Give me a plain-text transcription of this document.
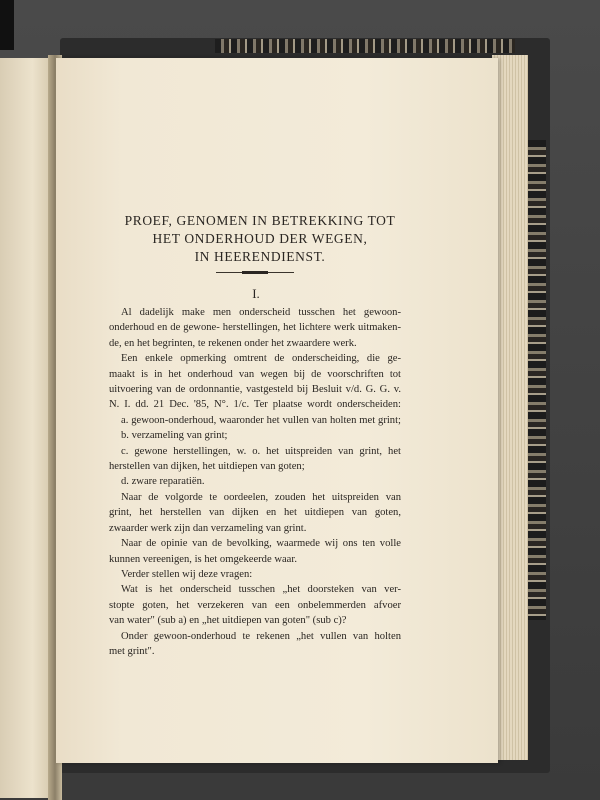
PROEF, GENOMEN IN BETREKKING TOT
HET ONDERHOUD DER WEGEN,
IN HEERENDIENST.
I.

Al dadelijk make men onderscheid tusschen het gewoon-

onderhoud en de gewone- herstellingen, het lichtere werk uitmaken-

de, en het begrinten, te rekenen onder het zwaardere werk.

Een enkele opmerking omtrent de onderscheiding, die ge-

maakt is in het onderhoud van wegen bij de voorschriften tot

uitvoering van de ordonnantie, vastgesteld bij Besluit v/d. G. G. v.

N. I. dd. 21 Dec. '85, N°. 1/c. Ter plaatse wordt onderscheiden:

a. gewoon-onderhoud, waaronder het vullen van holten met grint;

b. verzameling van grint;

c. gewone herstellingen, w. o. het uitspreiden van grint, het

herstellen van dijken, het uitdiepen van goten;

d. zware reparatiën.

Naar de volgorde te oordeelen, zouden het uitspreiden van

grint, het herstellen van dijken en het uitdiepen van goten,

zwaarder werk zijn dan verzameling van grint.

Naar de opinie van de bevolking, waarmede wij ons ten volle

kunnen vereenigen, is het omgekeerde waar.

Verder stellen wij deze vragen:

Wat is het onderscheid tusschen „het doorsteken van ver-

stopte goten, het verzekeren van een onbelemmerden afvoer

van water" (sub a) en „het uitdiepen van goten" (sub c)?

Onder gewoon-onderhoud te rekenen „het vullen van holten

met grint".
